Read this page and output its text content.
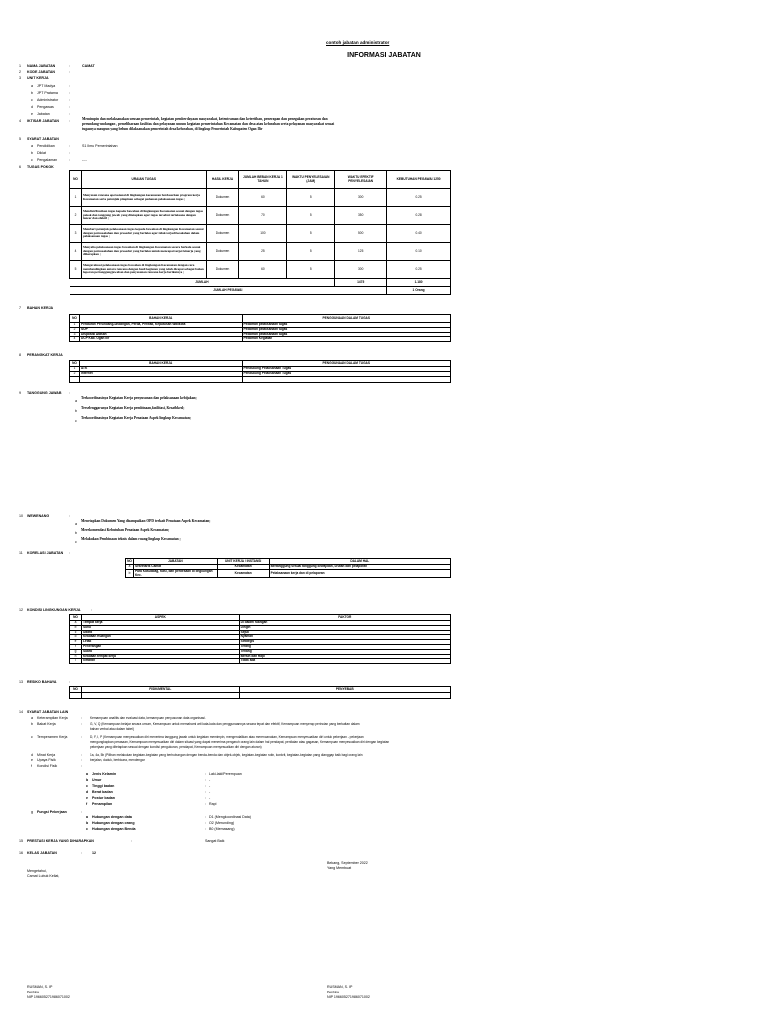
contoh jabatan administrator
INFORMASI JABATAN
1 NAMA JABATAN	:	CAMAT
2 KODE JABATAN	:
3 UNIT KERJA
a JPT Madya	:
b JPT Pratama	:
c Administrator	:
d Pengawas	:
e Jabatan	:
4 IKTISAR JABATAN	:	Memimpin dan melaksanakan urusan pemerintah, kegiatan pemberdayaan masyarakat, ketentraman dan ketertiban, penerapan dan penegakan peraturan dan
perundang-undangan , pemeliharaan fasilitas dan pelayanan umum kegiatan pemerintahan Kecamatan dan desa atau kelurahan serta pelayanan masyarakat sesuai
tugasnya maupun yang belum dilaksanakan pemerintah desa/kelurahan, di lingkup Pemerintah Kabupaten Ogan Ilir
5 SYARAT JABATAN
a Pendidikan	:	S1 Ilmu Pemerintahan
b Diklat	:
c Pengalaman	:	----
6 TUGAS POKOK
NO	URAIAN TUGAS	HASIL KERJA	JUMLAH BEBAN KERJA 1 TAHUN	WAKTU PENYELESAIAN (JAM)	WAKTU EFEKTIF PENYELESAIAN	KEBUTUHAN PEGAWAI 1250
1	Menyusun rencana operasional di lingkungan kecamatan berdasarkan program kerja Kecamatan serta petunjuk pimpinan sebagai pedoman pelaksanaan tugas ;	Dokumen	60	5	300	0.25
2	Mendistribusikan tugas kepada bawahan di lingkungan Kecamatan sesuai dengan tugas pokok dan tanggung jawab yang ditetapkan agar tugas tersebut terlaksana dengan lancar dan efektif ;	Dokumen	70	5	350	0.28
3	Memberi petunjuk pelaksanaan tugas kepada bawahan di lingkungan Kecamatan sesuai dengan permasalahan dan prosedur yang berlaku agar tidak terjadi kesalahan dalam pelaksanaan tugas ;	Dokumen	100	5	500	0.40
4	Menyelia pelaksanaan tugas bawahan di lingkungan Kecamatan secara berkala sesuai dengan permasalahan dan prosedur yang berlaku untuk mencapai target kinerja yang diharapkan ;	Dokumen	25	5	125	0.10
5	Mengevaluasi pelaksanaan tugas bawahan di lingkungan Kecamatan dengan cara membandingkan antara rencana dengan hasil kegiatan yang telah dicapai sebagai bahan laporan pertanggungjawaban dan penyusunan rencana kerja berikutnya ;	Dokumen	60	5	300	0.25
JUMLAH					1475	1.180
JUMLAH PEGAWAI						1 Orang
7 BAHAN KERJA
NO	BAHAN KERJA	PENGGUNAAN DALAM TUGAS
1	Peraturan Perundang-undangan, Perda, Perwali, Keputusan Walikota	Pedoman pelaksanaan tugas
2	SOP	Pedoman pelaksanaan tugas
3	Disposisi Atasan	Pedoman pelaksanaan tugas
4	DCP Kab. Ogan Ilir	Pedoman Kegiatan
8 PERANGKAT KERJA
NO	BAHAN KERJA	PENGGUNAAN DALAM TUGAS
1	ATK	Pendukung Pelaksanaan Tugas
2	Internet	Pendukung Pelaksanaan Tugas

9 TANGGUNG JAWAB :
a
Terkoordinasinya Kegiatan Kerja penyusunan dan pelaksanaan kebijakan;
b
Terselenggaranya Kegiatan Kerja pembinaan,fasilitasi, Kesatbkesl;
c
Terkoordinasinya Kegiatan Kerja Penataan Aspek lingkup Kecamatan;
10 WEWENANG	:
a
Menetapkan Dokumen Yang disampaikan OPD terkait Penataan Aspek Kecamatan;
b
Merekomendasi Kebutuhan Penataan Aspek Kecamatan;
c
Melakukan Pembinaan teknis dalam ruang lingkup Kecamatan ;
11 KORELASI JABATAN :
NO	JABATAN	UNIT KERJA / INSTANSI	DALAM HAL
a	Sekretaris Camat	Kecamatan	Bertanggung sesuai tanggung kewajiban, urutan dan pelaporan
b	Para Kasubbag, Kasi, dan perdesaan di lingkungan Kec.	Kecamatan	Pelaksanaan kerja dan di pelaporan
12 KONDISI LINGKUNGAN KERJA	:
NO	ASPEK	FAKTOR
a	Tempat kerja	Di dalam ruangan
b	Suhu	Dingin
c	Udara	Sejuk
d	Keadaan Ruangan	Nyaman
e	Letak	Strategis
f	Penerangan	Terang
g	Suara	Tenang
h	Keadaan tempat kerja	Bersih dan Rapi
i	Getaran	Tidak ada
13 RESIKO BAHAYA	:
NO	FISIK/MENTAL	PENYEBAB

14 SYARAT JABATAN LAIN
a Keterampilan Kerja	:	Kemampuan analitis dan evaluasi data, kemampuan penyusunan data organisasi.
b Bakat Kerja	:	G, V, Q (Kemampuan belajar secara umum, Kemampuan untuk memahami arti kata-kata dan penggunaannya secara tepat dan efektif, Kemampuan menyerap perincian yang berkaitan dalam
bahan verbal atau dalam tabel)
c Temperamen Kerja	:	D, F, I, P (Kemampuan menyesuaikan diri menerima tanggung jawab untuk kegiatan memimpin, mengendalikan atau merencanakan, Kemampuan menyesuaikan diri untuk pekerjaan - pekerjaan
mengungkapkan perasaan, Kemampuan menyesuaikan diri dalam situasi yang dapat menerima pengaruh orang lain dalam hal pendapat, penilaian atau gagasan, Kemampuan menyesuaikan diri dengan kegiatan
pekerjaan yang ditetapkan sesuai dengan kondisi pengukuran, pendapat, Kemampuan menyesuaikan diri dengan aturan)
d Minat Kerja	:	1a, 4a, 5b (Pilihan melakukan kegiatan-kegiatan yang berhubungan dengan benda-benda dan objek-objek, kegiatan-kegiatan rutin, konkrit, kegiatan-kegiatan yang dianggap baik bagi orang lain
e Upaya Fisik	:	berjalan, duduk, berbicara, mendengar
f Kondisi Fisik	:
a Jenis Kelamin	: Laki-laki/Perempuan
b Umur	: -
c Tinggi badan	: -
d Berat badan	: -
e Postur badan	: -
f Penampilan	: Rapi
g Fungsi Pekerjaan	:
a Hubungan dengan data	: D1 (Mengkoordinasi Data)
b Hubungan dengan orang	: O2 (Merunding)
c Hubungan dengan Benda	: B0 (Memasang)
15 PRESTASI KERJA YANG DIHARAPKAN	:	Sangat Baik
16 KELAS JABATAN	:	12
Bekang, September 2022
Yang Membuat
Mengetahui,
Camat Lubuk Keliat,
RUSMAN, S. IP
Pembina
NIP 196605271986071002
RUSMAN, S. IP
Pembina
NIP 196605271986071002
